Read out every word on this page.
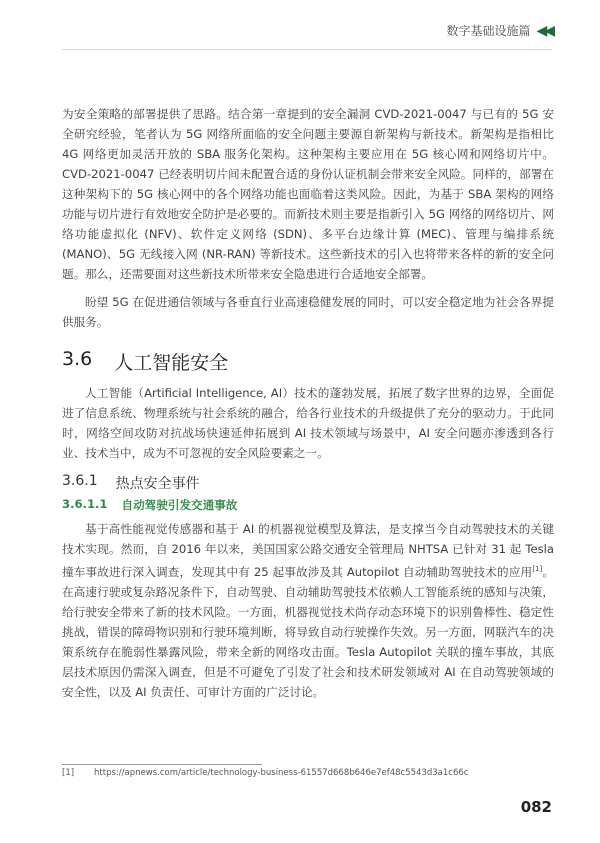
数字基础设施篇 ◀◀

为安全策略的部署提供了思路。结合第一章提到的安全漏洞 CVD-2021-0047 与已有的 5G 安全研究经验，笔者认为 5G 网络所面临的安全问题主要源自新架构与新技术。新架构是指相比 4G 网络更加灵活开放的 SBA 服务化架构。这种架构主要应用在 5G 核心网和网络切片中。CVD-2021-0047 已经表明切片间未配置合适的身份认证机制会带来安全风险。同样的，部署在这种架构下的 5G 核心网中的各个网络功能也面临着这类风险。因此，为基于 SBA 架构的网络功能与切片进行有效地安全防护是必要的。而新技术则主要是指新引入 5G 网络的网络切片、网络功能虚拟化 (NFV)、软件定义网络 (SDN)、多平台边缘计算 (MEC)、管理与编排系统 (MANO)、5G 无线接入网 (NR-RAN) 等新技术。这些新技术的引入也将带来各样的新的安全问题。那么，还需要面对这些新技术所带来安全隐患进行合适地安全部署。

盼望 5G 在促进通信领域与各垂直行业高速稳健发展的同时，可以安全稳定地为社会各界提供服务。

3.6 人工智能安全

人工智能（Artificial Intelligence, AI）技术的蓬勃发展，拓展了数字世界的边界，全面促进了信息系统、物理系统与社会系统的融合，给各行业技术的升级提供了充分的驱动力。于此同时，网络空间攻防对抗战场快速延伸拓展到 AI 技术领域与场景中，AI 安全问题亦渗透到各行业、技术当中，成为不可忽视的安全风险要素之一。

3.6.1 热点安全事件
3.6.1.1 自动驾驶引发交通事故

基于高性能视觉传感器和基于 AI 的机器视觉模型及算法，是支撑当今自动驾驶技术的关键技术实现。然而，自 2016 年以来，美国国家公路交通安全管理局 NHTSA 已针对 31 起 Tesla 撞车事故进行深入调查，发现其中有 25 起事故涉及其 Autopilot 自动辅助驾驶技术的应用[1]。在高速行驶或复杂路况条件下，自动驾驶、自动辅助驾驶技术依赖人工智能系统的感知与决策，给行驶安全带来了新的技术风险。一方面，机器视觉技术尚存动态环境下的识别鲁棒性、稳定性挑战，错误的障碍物识别和行驶环境判断，将导致自动行驶操作失效。另一方面，网联汽车的决策系统存在脆弱性暴露风险，带来全新的网络攻击面。Tesla Autopilot 关联的撞车事故，其底层技术原因仍需深入调查，但是不可避免了引发了社会和技术研发领域对 AI 在自动驾驶领域的安全性，以及 AI 负责任、可审计方面的广泛讨论。

[1] https://apnews.com/article/technology-business-61557d668b646e7ef48c5543d3a1c66c
082
